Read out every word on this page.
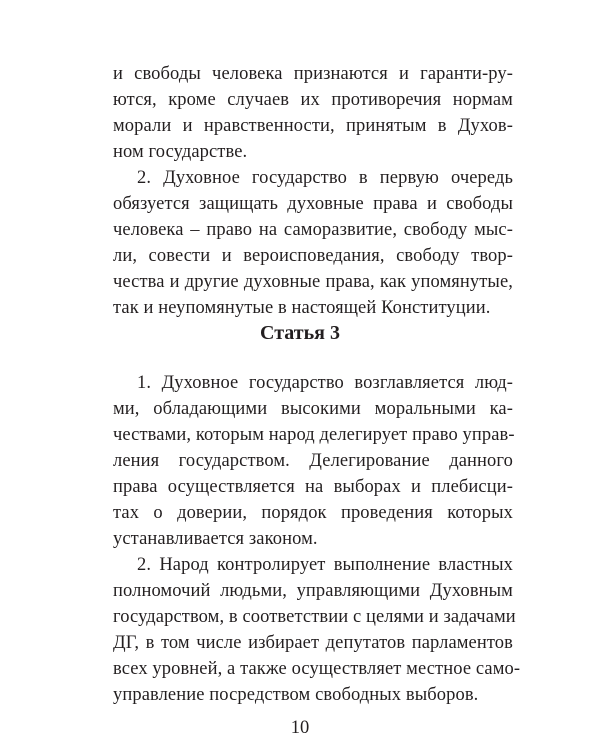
и свободы человека признаются и гаранти-ру-
ются, кроме случаев их противоречия нормам
морали и нравственности, принятым в Духов-
ном государстве.
2. Духовное государство в первую очередь
обязуется защищать духовные права и свободы
человека – право на саморазвитие, свободу мыс-
ли, совести и вероисповедания, свободу твор-
чества и другие духовные права, как упомянутые,
так и неупомянутые в настоящей Конституции.
Статья 3
1. Духовное государство возглавляется люд-
ми, обладающими высокими моральными ка-
чествами, которым народ делегирует право управ-
ления государством. Делегирование данного
права осуществляется на выборах и плебисци-
тах о доверии, порядок проведения которых
устанавливается законом.
2. Народ контролирует выполнение властных
полномочий людьми, управляющими Духовным
государством, в соответствии с целями и задачами
ДГ, в том числе избирает депутатов парламентов
всех уровней, а также осуществляет местное само-
управление посредством свободных выборов.
10
